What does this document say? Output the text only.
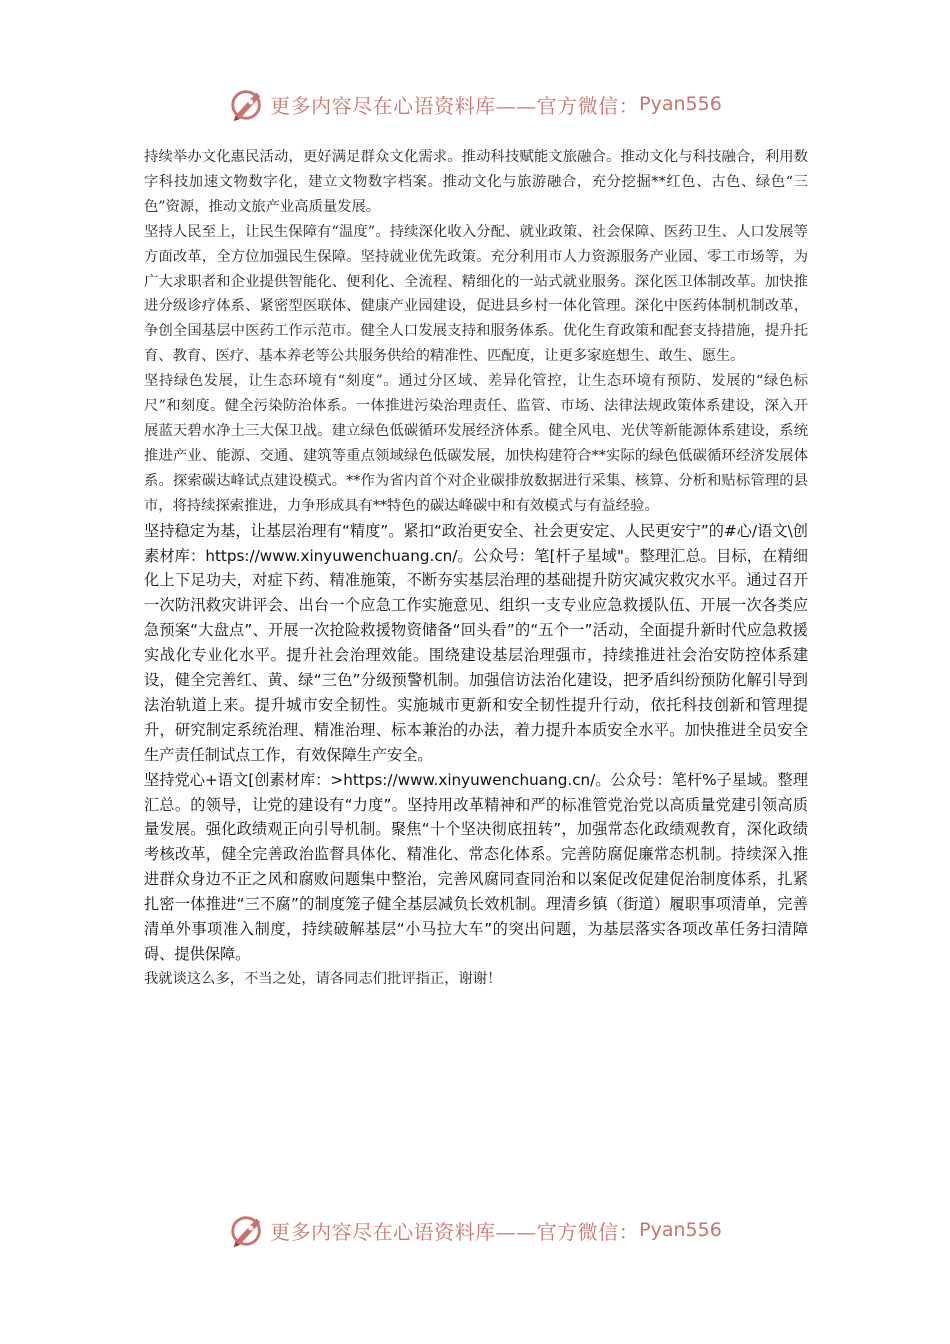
更多内容尽在心语资料库——官方微信： Pyan556

持续举办文化惠民活动，更好满足群众文化需求。推动科技赋能文旅融合。推动文化与科技融合，利用数字科技加速文物数字化，建立文物数字档案。推动文化与旅游融合，充分挖掘**红色、古色、绿色“三色”资源，推动文旅产业高质量发展。

坚持人民至上，让民生保障有“温度”。持续深化收入分配、就业政策、社会保障、医药卫生、人口发展等方面改革，全方位加强民生保障。坚持就业优先政策。充分利用市人力资源服务产业园、零工市场等，为广大求职者和企业提供智能化、便利化、全流程、精细化的一站式就业服务。深化医卫体制改革。加快推进分级诊疗体系、紧密型医联体、健康产业园建设，促进县乡村一体化管理。深化中医药体制机制改革，争创全国基层中医药工作示范市。健全人口发展支持和服务体系。优化生育政策和配套支持措施，提升托育、教育、医疗、基本养老等公共服务供给的精准性、匹配度，让更多家庭想生、敢生、愿生。

坚持绿色发展，让生态环境有“刻度”。通过分区域、差异化管控，让生态环境有预防、发展的“绿色标尺”和刻度。健全污染防治体系。一体推进污染治理责任、监管、市场、法律法规政策体系建设，深入开展蓝天碧水净土三大保卫战。建立绿色低碳循环发展经济体系。健全风电、光伏等新能源体系建设，系统推进产业、能源、交通、建筑等重点领域绿色低碳发展，加快构建符合**实际的绿色低碳循环经济发展体系。探索碳达峰试点建设模式。**作为省内首个对企业碳排放数据进行采集、核算、分析和贴标管理的县市，将持续探索推进，力争形成具有**特色的碳达峰碳中和有效模式与有益经验。

坚持稳定为基，让基层治理有“精度”。紧扣“政治更安全、社会更安定、人民更安宁”的#心/语文\创素材库：https://www.xinyuwenchuang.cn/。公众号：笔[杆子星域"。整理汇总。目标，在精细化上下足功夫，对症下药、精准施策，不断夯实基层治理的基础提升防灾减灾救灾水平。通过召开一次防汛救灾讲评会、出台一个应急工作实施意见、组织一支专业应急救援队伍、开展一次各类应急预案“大盘点”、开展一次抢险救援物资储备“回头看”的“五个一”活动，全面提升新时代应急救援实战化专业化水平。提升社会治理效能。围绕建设基层治理强市，持续推进社会治安防控体系建设，健全完善红、黄、绿“三色”分级预警机制。加强信访法治化建设，把矛盾纠纷预防化解引导到法治轨道上来。提升城市安全韧性。实施城市更新和安全韧性提升行动，依托科技创新和管理提升，研究制定系统治理、精准治理、标本兼治的办法，着力提升本质安全水平。加快推进全员安全生产责任制试点工作，有效保障生产安全。

坚持党心+语文[创素材库：>https://www.xinyuwenchuang.cn/。公众号：笔杆%子星域。整理汇总。的领导，让党的建设有“力度”。坚持用改革精神和严的标准管党治党以高质量党建引领高质量发展。强化政绩观正向引导机制。聚焦“十个坚决彻底扭转”，加强常态化政绩观教育，深化政绩考核改革，健全完善政治监督具体化、精准化、常态化体系。完善防腐促廉常态机制。持续深入推进群众身边不正之风和腐败问题集中整治，完善风腐同查同治和以案促改促建促治制度体系，扎紧扎密一体推进“三不腐”的制度笼子健全基层减负长效机制。理清乡镇（街道）履职事项清单，完善清单外事项准入制度，持续破解基层“小马拉大车”的突出问题，为基层落实各项改革任务扫清障碍、提供保障。

我就谈这么多，不当之处，请各同志们批评指正，谢谢！

更多内容尽在心语资料库——官方微信： Pyan556
